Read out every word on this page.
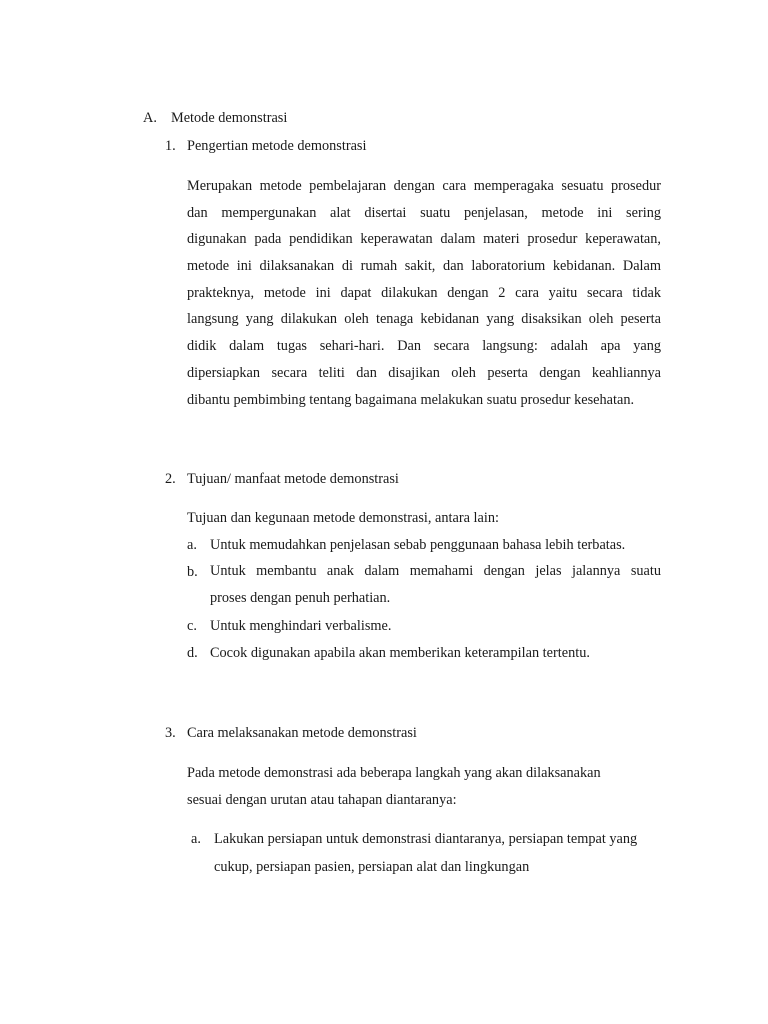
A. Metode demonstrasi
1. Pengertian metode demonstrasi
Merupakan metode pembelajaran dengan cara memperagaka sesuatu prosedur
dan mempergunakan alat disertai suatu penjelasan, metode ini sering
digunakan pada pendidikan keperawatan dalam materi prosedur keperawatan,
metode ini dilaksanakan di rumah sakit, dan laboratorium kebidanan. Dalam
prakteknya, metode ini dapat dilakukan dengan 2 cara yaitu secara tidak
langsung yang dilakukan oleh tenaga kebidanan yang disaksikan oleh peserta
didik dalam tugas sehari-hari. Dan secara langsung: adalah apa yang
dipersiapkan secara teliti dan disajikan oleh peserta dengan keahliannya
dibantu pembimbing tentang bagaimana melakukan suatu prosedur kesehatan.
2. Tujuan/ manfaat metode demonstrasi
Tujuan dan kegunaan metode demonstrasi, antara lain:
a. Untuk memudahkan penjelasan sebab penggunaan bahasa lebih terbatas.
b. Untuk membantu anak dalam memahami dengan jelas jalannya suatu
proses dengan penuh perhatian.
c. Untuk menghindari verbalisme.
d. Cocok digunakan apabila akan memberikan keterampilan tertentu.
3. Cara melaksanakan metode demonstrasi
Pada metode demonstrasi ada beberapa langkah yang akan dilaksanakan
sesuai dengan urutan atau tahapan diantaranya:
a. Lakukan persiapan untuk demonstrasi diantaranya, persiapan tempat yang
cukup, persiapan pasien, persiapan alat dan lingkungan
